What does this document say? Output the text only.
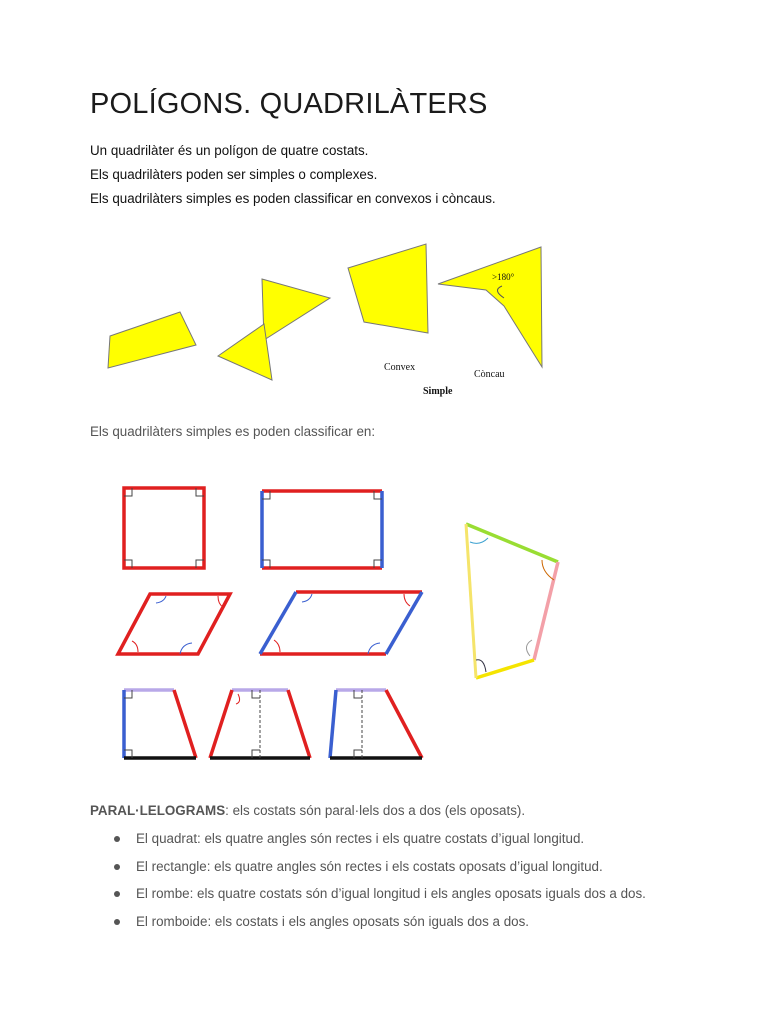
POLÍGONS. QUADRILÀTERS

Un quadrilàter és un polígon de quatre costats.

Els quadrilàters poden ser simples o complexes.

Els quadrilàters simples es poden classificar en convexos i còncaus.

>180°
Convex
Còncau
Simple

Els quadrilàters simples es poden classificar en:

PARAL·LELOGRAMS: els costats són paral·lels dos a dos (els oposats).

El quadrat: els quatre angles són rectes i els quatre costats d’igual longitud.
El rectangle: els quatre angles són rectes i els costats oposats d’igual longitud.
El rombe: els quatre costats són d’igual longitud i els angles oposats iguals dos a dos.
El romboide: els costats i els angles oposats són iguals dos a dos.
